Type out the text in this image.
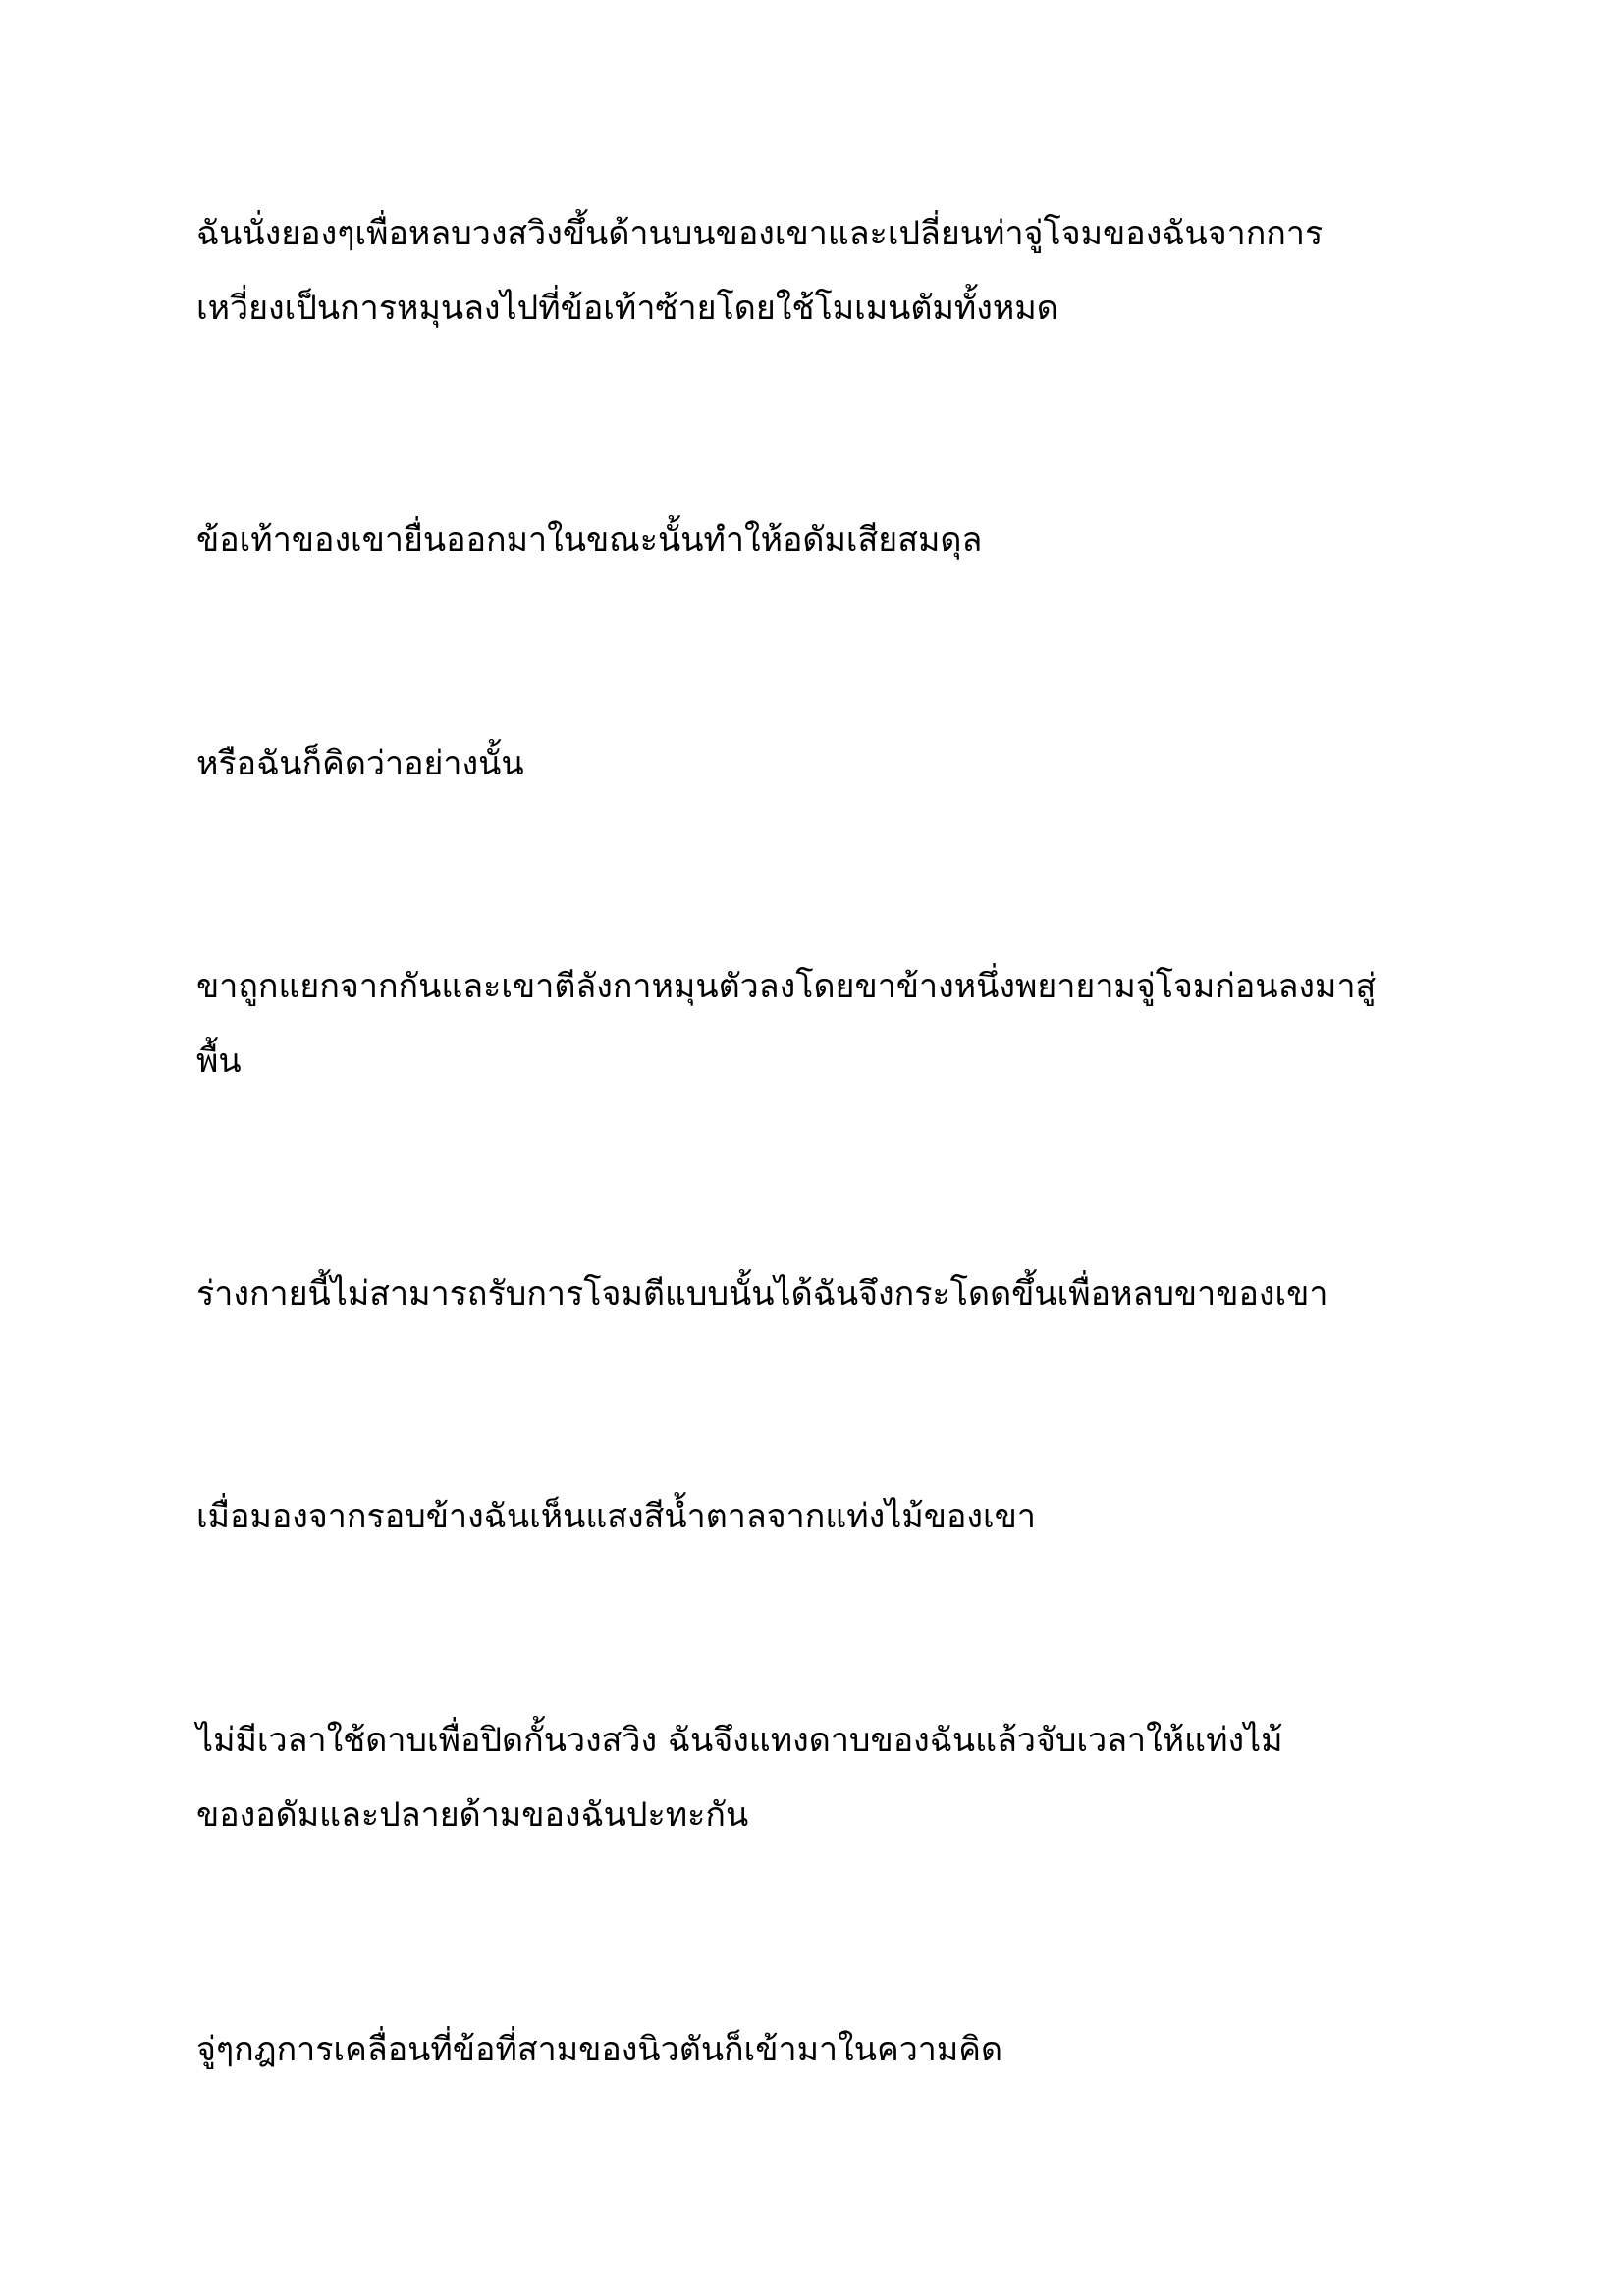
ฉันนั่งยองๆเพื่อหลบวงสวิงขึ้นด้านบนของเขาและเปลี่ยนท่าจู่โจมของฉันจากการ
เหวี่ยงเป็นการหมุนลงไปที่ข้อเท้าซ้ายโดยใช้โมเมนตัมทั้งหมด

ข้อเท้าของเขายื่นออกมาในขณะนั้นทำให้อดัมเสียสมดุล

หรือฉันก็คิดว่าอย่างนั้น

ขาถูกแยกจากกันและเขาตีลังกาหมุนตัวลงโดยขาข้างหนึ่งพยายามจู่โจมก่อนลงมาสู่
พื้น

ร่างกายนี้ไม่สามารถรับการโจมตีแบบนั้นได้ฉันจึงกระโดดขึ้นเพื่อหลบขาของเขา

เมื่อมองจากรอบข้างฉันเห็นแสงสีน้ำตาลจากแท่งไม้ของเขา

ไม่มีเวลาใช้ดาบเพื่อปิดกั้นวงสวิง ฉันจึงแทงดาบของฉันแล้วจับเวลาให้แท่งไม้
ของอดัมและปลายด้ามของฉันปะทะกัน

จู่ๆกฎการเคลื่อนที่ข้อที่สามของนิวตันก็เข้ามาในความคิด
